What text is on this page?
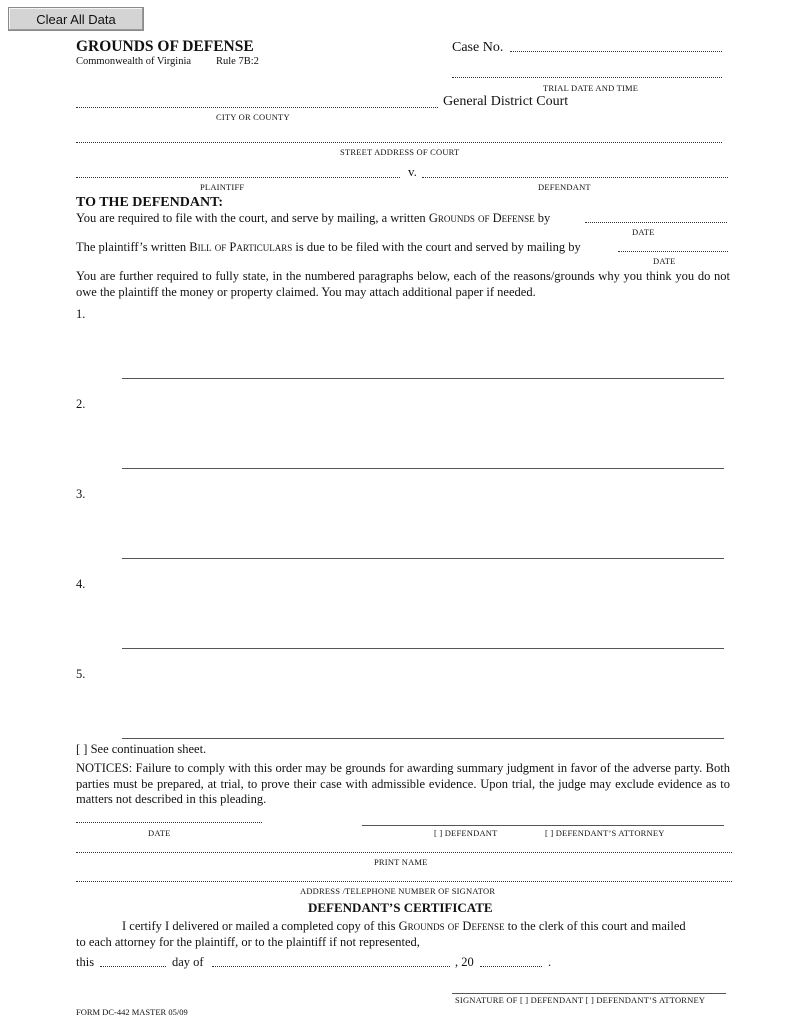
Clear All Data
GROUNDS OF DEFENSE
Commonwealth of Virginia Rule 7B:2
Case No.
TRIAL DATE AND TIME
General District Court
CITY OR COUNTY
STREET ADDRESS OF COURT
v.
PLAINTIFF	DEFENDANT
TO THE DEFENDANT:
You are required to file with the court, and serve by mailing, a written Grounds of Defense by
DATE
The plaintiff’s written Bill of Particulars is due to be filed with the court and served by mailing by
DATE
You are further required to fully state, in the numbered paragraphs below, each of the reasons/grounds why you think you do not owe the plaintiff the money or property claimed. You may attach additional paper if needed.
1.
2.
3.
4.
5.
[ ] See continuation sheet.
NOTICES: Failure to comply with this order may be grounds for awarding summary judgment in favor of the adverse party. Both parties must be prepared, at trial, to prove their case with admissible evidence. Upon trial, the judge may exclude evidence as to matters not described in this pleading.
DATE	[ ] DEFENDANT	[ ] DEFENDANT’S ATTORNEY
PRINT NAME
ADDRESS /TELEPHONE NUMBER OF SIGNATOR
DEFENDANT’S CERTIFICATE
I certify I delivered or mailed a completed copy of this Grounds of Defense to the clerk of this court and mailed
to each attorney for the plaintiff, or to the plaintiff if not represented,
this	day of	, 20	.
SIGNATURE OF [ ] DEFENDANT [ ] DEFENDANT’S ATTORNEY
FORM DC-442 MASTER 05/09
